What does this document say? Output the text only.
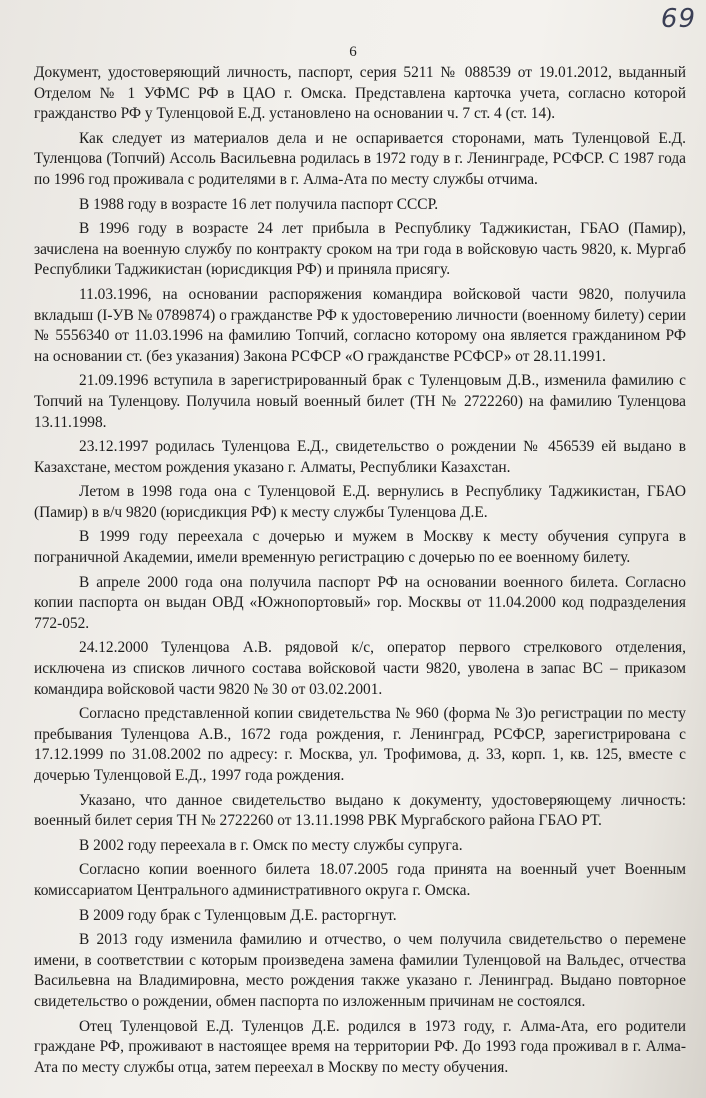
69
6

Документ, удостоверяющий личность, паспорт, серия 5211 № 088539 от 19.01.2012, выданный Отделом № 1 УФМС РФ в ЦАО г. Омска. Представлена карточка учета, согласно которой гражданство РФ у Туленцовой Е.Д. установлено на основании ч. 7 ст. 4 (ст. 14).

Как следует из материалов дела и не оспаривается сторонами, мать Туленцовой Е.Д. Туленцова (Топчий) Ассоль Васильевна родилась в 1972 году в г. Ленинграде, РСФСР. С 1987 года по 1996 год проживала с родителями в г. Алма-Ата по месту службы отчима.

В 1988 году в возрасте 16 лет получила паспорт СССР.

В 1996 году в возрасте 24 лет прибыла в Республику Таджикистан, ГБАО (Памир), зачислена на военную службу по контракту сроком на три года в войсковую часть 9820, к. Мургаб Республики Таджикистан (юрисдикция РФ) и приняла присягу.

11.03.1996, на основании распоряжения командира войсковой части 9820, получила вкладыш (I-УВ № 0789874) о гражданстве РФ к удостоверению личности (военному билету) серии № 5556340 от 11.03.1996 на фамилию Топчий, согласно которому она является гражданином РФ на основании ст. (без указания) Закона РСФСР «О гражданстве РСФСР» от 28.11.1991.

21.09.1996 вступила в зарегистрированный брак с Туленцовым Д.В., изменила фамилию с Топчий на Туленцову. Получила новый военный билет (ТН № 2722260) на фамилию Туленцова 13.11.1998.

23.12.1997 родилась Туленцова Е.Д., свидетельство о рождении № 456539 ей выдано в Казахстане, местом рождения указано г. Алматы, Республики Казахстан.

Летом в 1998 года она с Туленцовой Е.Д. вернулись в Республику Таджикистан, ГБАО (Памир) в в/ч 9820 (юрисдикция РФ) к месту службы Туленцова Д.Е.

В 1999 году переехала с дочерью и мужем в Москву к месту обучения супруга в пограничной Академии, имели временную регистрацию с дочерью по ее военному билету.

В апреле 2000 года она получила паспорт РФ на основании военного билета. Согласно копии паспорта он выдан ОВД «Южнопортовый» гор. Москвы от 11.04.2000 код подразделения 772-052.

24.12.2000 Туленцова А.В. рядовой к/с, оператор первого стрелкового отделения, исключена из списков личного состава войсковой части 9820, уволена в запас ВС – приказом командира войсковой части 9820 № 30 от 03.02.2001.

Согласно представленной копии свидетельства № 960 (форма № 3)о регистрации по месту пребывания Туленцова А.В., 1672 года рождения, г. Ленинград, РСФСР, зарегистрирована с 17.12.1999 по 31.08.2002 по адресу: г. Москва, ул. Трофимова, д. 33, корп. 1, кв. 125, вместе с дочерью Туленцовой Е.Д., 1997 года рождения.

Указано, что данное свидетельство выдано к документу, удостоверяющему личность: военный билет серия ТН № 2722260 от 13.11.1998 РВК Мургабского района ГБАО РТ.

В 2002 году переехала в г. Омск по месту службы супруга.

Согласно копии военного билета 18.07.2005 года принята на военный учет Военным комиссариатом Центрального административного округа г. Омска.

В 2009 году брак с Туленцовым Д.Е. расторгнут.

В 2013 году изменила фамилию и отчество, о чем получила свидетельство о перемене имени, в соответствии с которым произведена замена фамилии Туленцовой на Вальдес, отчества Васильевна на Владимировна, место рождения также указано г. Ленинград. Выдано повторное свидетельство о рождении, обмен паспорта по изложенным причинам не состоялся.

Отец Туленцовой Е.Д. Туленцов Д.Е. родился в 1973 году, г. Алма-Ата, его родители граждане РФ, проживают в настоящее время на территории РФ. До 1993 года проживал в г. Алма-Ата по месту службы отца, затем переехал в Москву по месту обучения.
